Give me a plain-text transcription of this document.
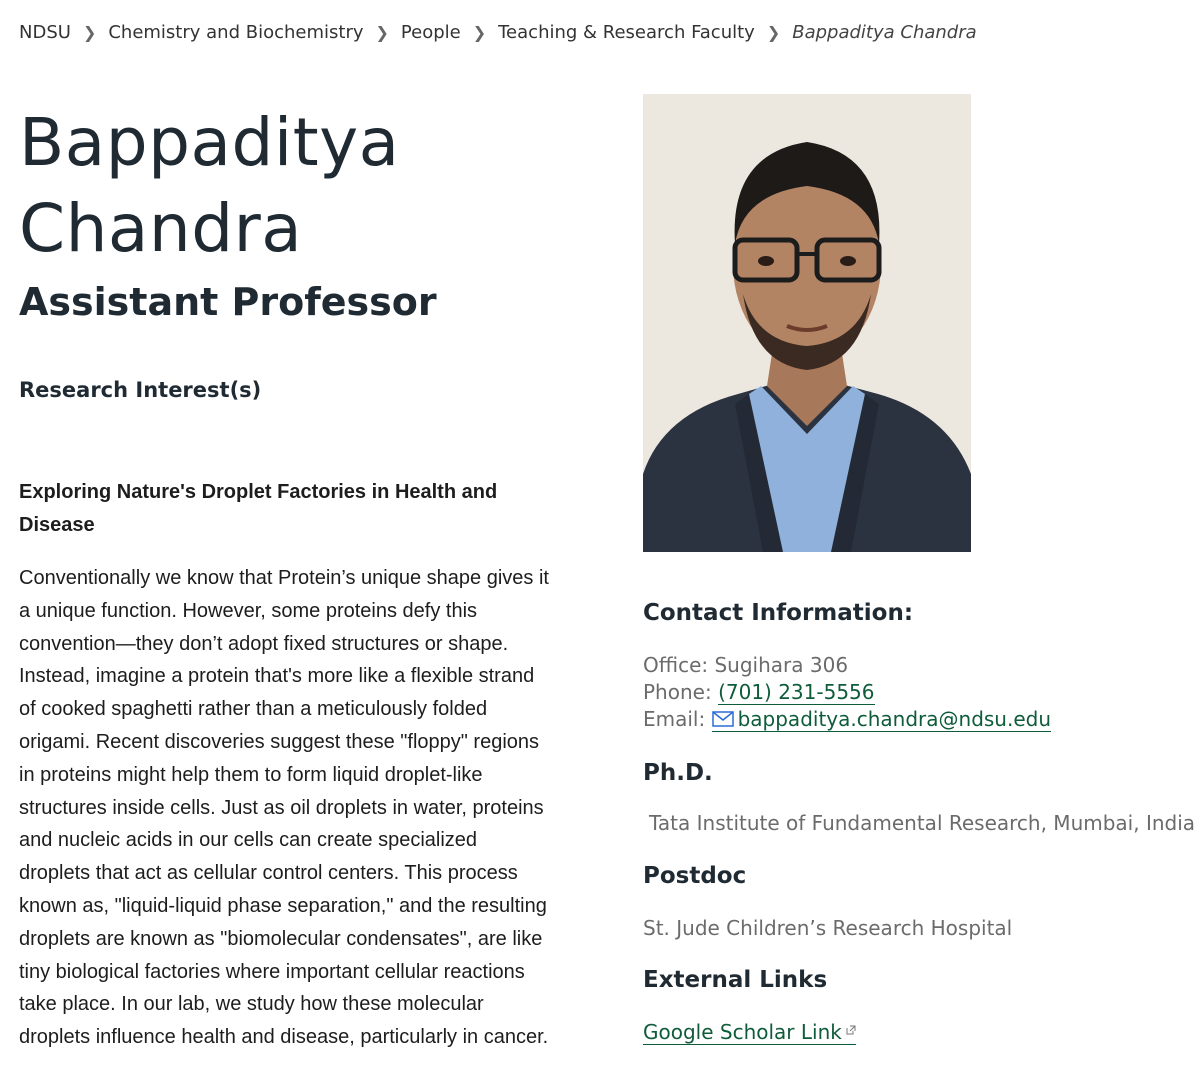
NDSU ❯ Chemistry and Biochemistry ❯ People ❯ Teaching & Research Faculty ❯ Bappaditya Chandra
Bappaditya
Chandra
Assistant Professor
Research Interest(s)
Exploring Nature's Droplet Factories in Health and
Disease
Conventionally we know that Protein’s unique shape gives it
a unique function. However, some proteins defy this
convention—they don’t adopt fixed structures or shape.
Instead, imagine a protein that's more like a flexible strand
of cooked spaghetti rather than a meticulously folded
origami. Recent discoveries suggest these "floppy" regions
in proteins might help them to form liquid droplet-like
structures inside cells. Just as oil droplets in water, proteins
and nucleic acids in our cells can create specialized
droplets that act as cellular control centers. This process
known as, "liquid-liquid phase separation," and the resulting
droplets are known as "biomolecular condensates", are like
tiny biological factories where important cellular reactions
take place. In our lab, we study how these molecular
droplets influence health and disease, particularly in cancer.
Contact Information:
Office: Sugihara 306
Phone: (701) 231-5556
Email: bappaditya.chandra@ndsu.edu
Ph.D.
Tata Institute of Fundamental Research, Mumbai, India
Postdoc
St. Jude Children’s Research Hospital
External Links
Google Scholar Link
